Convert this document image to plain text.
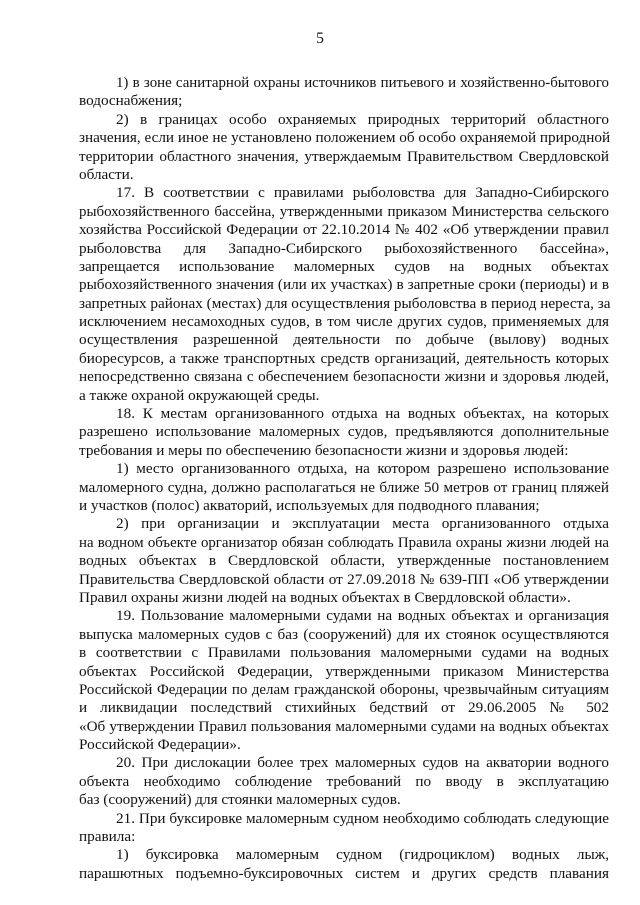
5
1) в зоне санитарной охраны источников питьевого и хозяйственно-бытового
водоснабжения;
2) в границах особо охраняемых природных территорий областного
значения, если иное не установлено положением об особо охраняемой природной
территории областного значения, утверждаемым Правительством Свердловской
области.
17. В соответствии с правилами рыболовства для Западно-Сибирского
рыбохозяйственного бассейна, утвержденными приказом Министерства сельского
хозяйства Российской Федерации от 22.10.2014 № 402 «Об утверждении правил
рыболовства для Западно-Сибирского рыбохозяйственного бассейна»,
запрещается использование маломерных судов на водных объектах
рыбохозяйственного значения (или их участках) в запретные сроки (периоды) и в
запретных районах (местах) для осуществления рыболовства в период нереста, за
исключением несамоходных судов, в том числе других судов, применяемых для
осуществления разрешенной деятельности по добыче (вылову) водных
биоресурсов, а также транспортных средств организаций, деятельность которых
непосредственно связана с обеспечением безопасности жизни и здоровья людей,
а также охраной окружающей среды.
18. К местам организованного отдыха на водных объектах, на которых
разрешено использование маломерных судов, предъявляются дополнительные
требования и меры по обеспечению безопасности жизни и здоровья людей:
1) место организованного отдыха, на котором разрешено использование
маломерного судна, должно располагаться не ближе 50 метров от границ пляжей
и участков (полос) акваторий, используемых для подводного плавания;
2) при организации и эксплуатации места организованного отдыха
на водном объекте организатор обязан соблюдать Правила охраны жизни людей на
водных объектах в Свердловской области, утвержденные постановлением
Правительства Свердловской области от 27.09.2018 № 639-ПП «Об утверждении
Правил охраны жизни людей на водных объектах в Свердловской области».
19. Пользование маломерными судами на водных объектах и организация
выпуска маломерных судов с баз (сооружений) для их стоянок осуществляются
в соответствии с Правилами пользования маломерными судами на водных
объектах Российской Федерации, утвержденными приказом Министерства
Российской Федерации по делам гражданской обороны, чрезвычайным ситуациям
и ликвидации последствий стихийных бедствий от 29.06.2005 № 502
«Об утверждении Правил пользования маломерными судами на водных объектах
Российской Федерации».
20. При дислокации более трех маломерных судов на акватории водного
объекта необходимо соблюдение требований по вводу в эксплуатацию
баз (сооружений) для стоянки маломерных судов.
21. При буксировке маломерным судном необходимо соблюдать следующие
правила:
1) буксировка маломерным судном (гидроциклом) водных лыж,
парашютных подъемно-буксировочных систем и других средств плавания
